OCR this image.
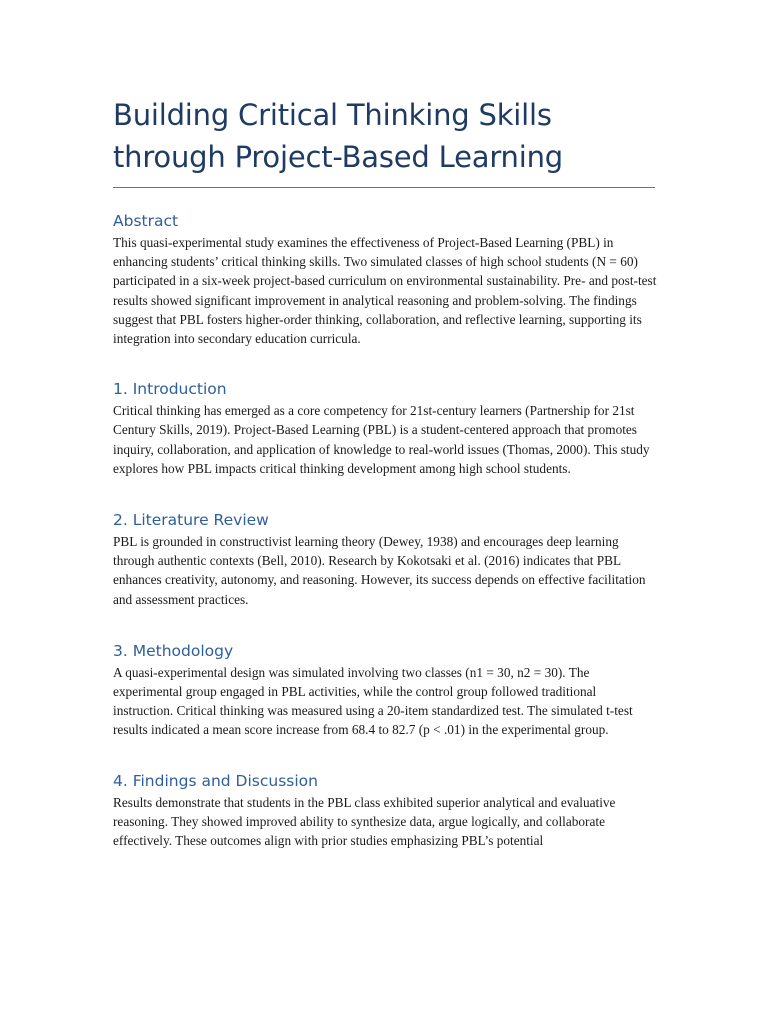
Building Critical Thinking Skills through Project-Based Learning
Abstract

This quasi-experimental study examines the effectiveness of Project-Based Learning (PBL) in enhancing students’ critical thinking skills. Two simulated classes of high school students (N = 60) participated in a six-week project-based curriculum on environmental sustainability. Pre- and post-test results showed significant improvement in analytical reasoning and problem-solving. The findings suggest that PBL fosters higher-order thinking, collaboration, and reflective learning, supporting its integration into secondary education curricula.

1. Introduction

Critical thinking has emerged as a core competency for 21st-century learners (Partnership for 21st Century Skills, 2019). Project-Based Learning (PBL) is a student-centered approach that promotes inquiry, collaboration, and application of knowledge to real-world issues (Thomas, 2000). This study explores how PBL impacts critical thinking development among high school students.

2. Literature Review

PBL is grounded in constructivist learning theory (Dewey, 1938) and encourages deep learning through authentic contexts (Bell, 2010). Research by Kokotsaki et al. (2016) indicates that PBL enhances creativity, autonomy, and reasoning. However, its success depends on effective facilitation and assessment practices.

3. Methodology

A quasi-experimental design was simulated involving two classes (n1 = 30, n2 = 30). The experimental group engaged in PBL activities, while the control group followed traditional instruction. Critical thinking was measured using a 20-item standardized test. The simulated t-test results indicated a mean score increase from 68.4 to 82.7 (p < .01) in the experimental group.

4. Findings and Discussion

Results demonstrate that students in the PBL class exhibited superior analytical and evaluative reasoning. They showed improved ability to synthesize data, argue logically, and collaborate effectively. These outcomes align with prior studies emphasizing PBL’s potential
